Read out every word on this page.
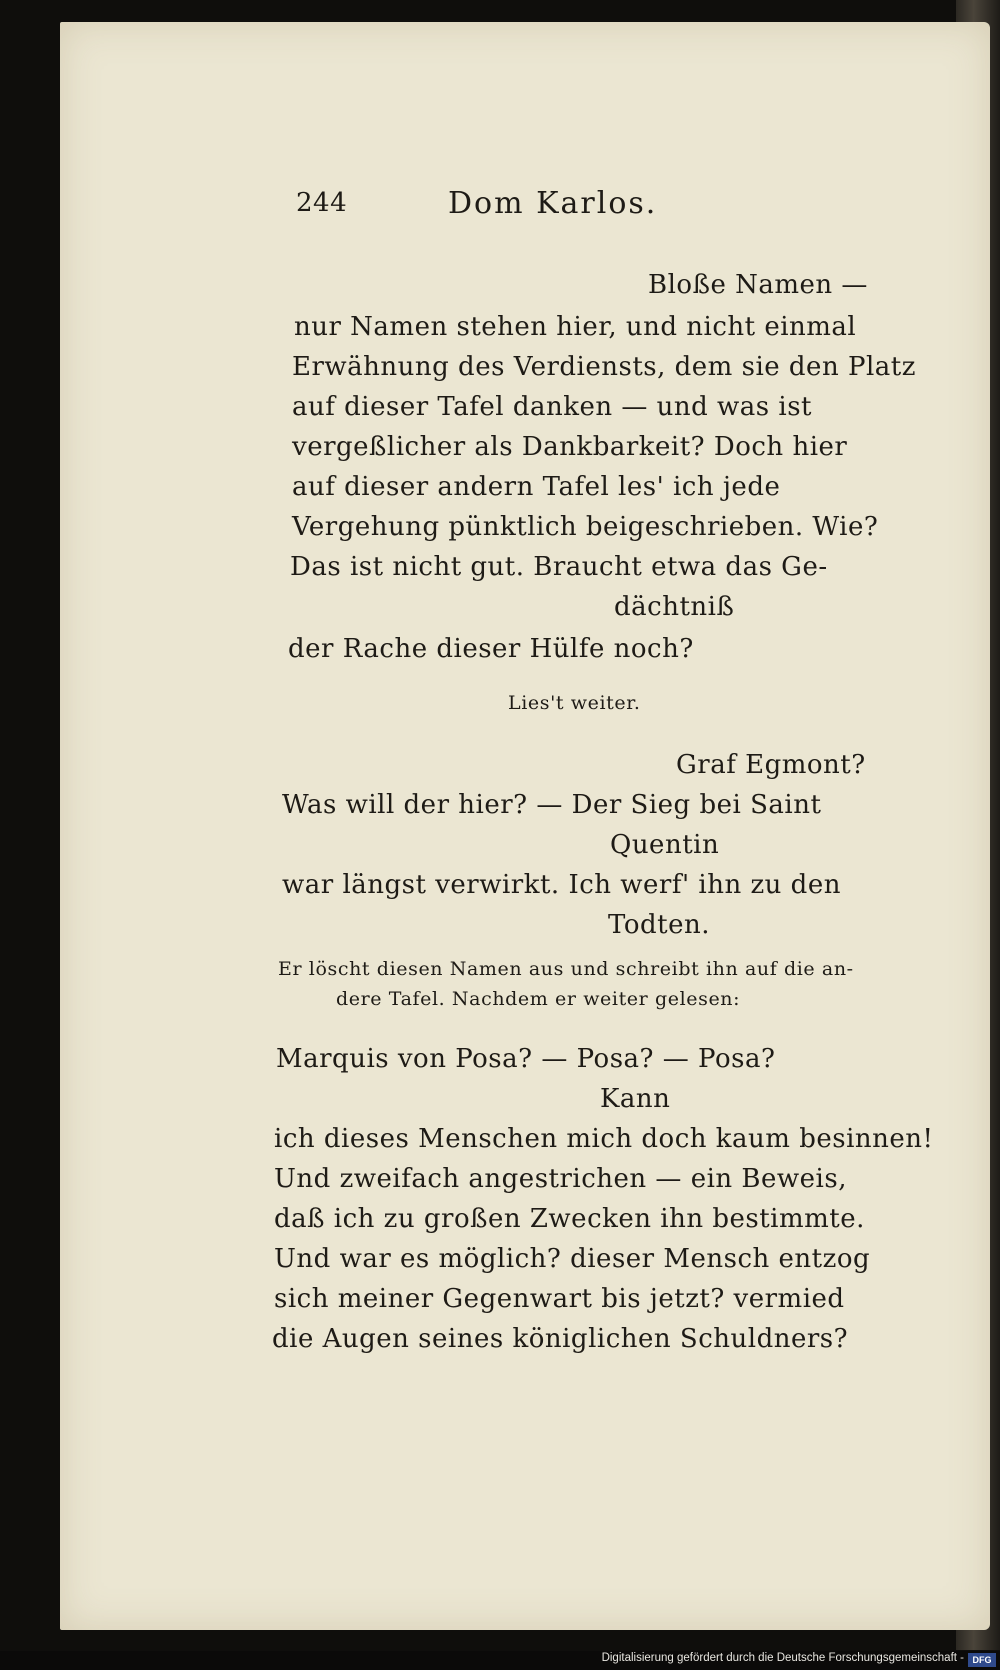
244	Dom Karlos.
Bloße Namen —
nur Namen stehen hier, und nicht einmal
Erwähnung des Verdiensts, dem sie den Platz
auf dieser Tafel danken — und was ist
vergeßlicher als Dankbarkeit? Doch hier
auf dieser andern Tafel les' ich jede
Vergehung pünktlich beigeschrieben. Wie?
Das ist nicht gut. Braucht etwa das Ge-
dächtniß
der Rache dieser Hülfe noch?
Lies't weiter.
Graf Egmont?
Was will der hier? — Der Sieg bei Saint
Quentin
war längst verwirkt. Ich werf' ihn zu den
Todten.
Er löscht diesen Namen aus und schreibt ihn auf die an-
dere Tafel. Nachdem er weiter gelesen:
Marquis von Posa? — Posa? — Posa?
Kann
ich dieses Menschen mich doch kaum besinnen!
Und zweifach angestrichen — ein Beweis,
daß ich zu großen Zwecken ihn bestimmte.
Und war es möglich? dieser Mensch entzog
sich meiner Gegenwart bis jetzt? vermied
die Augen seines königlichen Schuldners?
Digitalisierung gefördert durch die Deutsche Forschungsgemeinschaft - DFG
